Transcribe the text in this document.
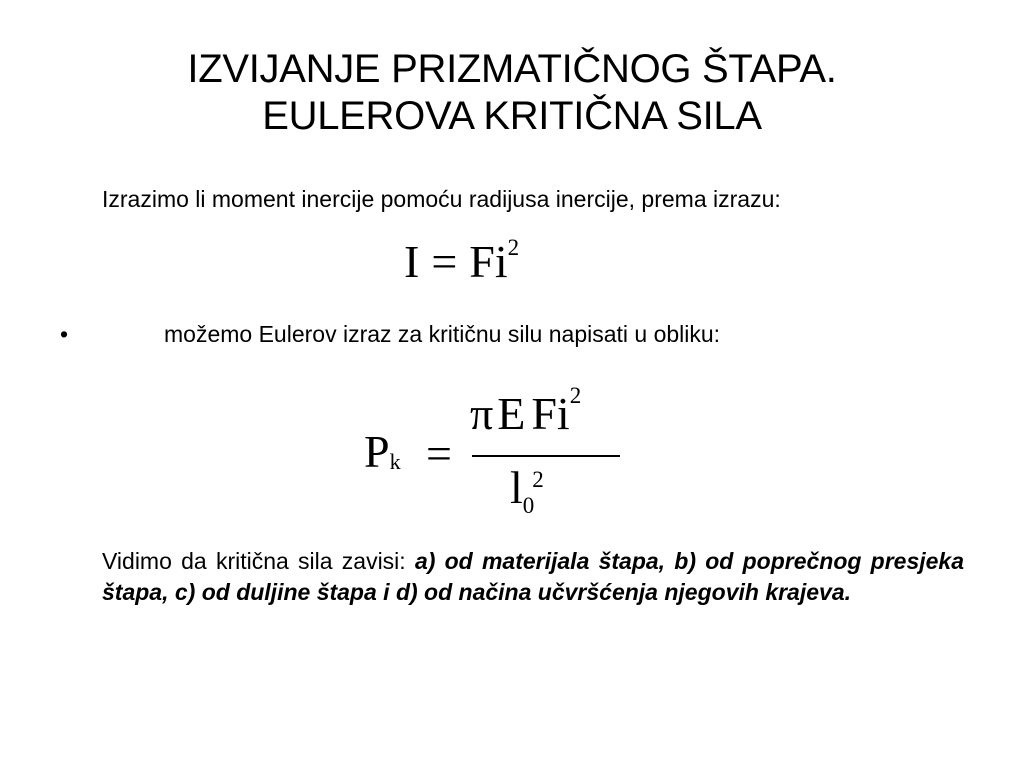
IZVIJANJE PRIZMATIČNOG ŠTAPA.
EULEROVA KRITIČNA SILA
Izrazimo li moment inercije pomoću radijusa inercije, prema izrazu:
$I = Fi^2$
•	možemo Eulerov izraz za kritičnu silu napisati u obliku:
$P_k$ =
πE Fi$^2$
$l_0^2$
Vidimo da kritična sila zavisi: a) od materijala štapa, b) od poprečnog presjeka štapa, c) od duljine štapa i d) od načina učvršćenja njegovih krajeva.
